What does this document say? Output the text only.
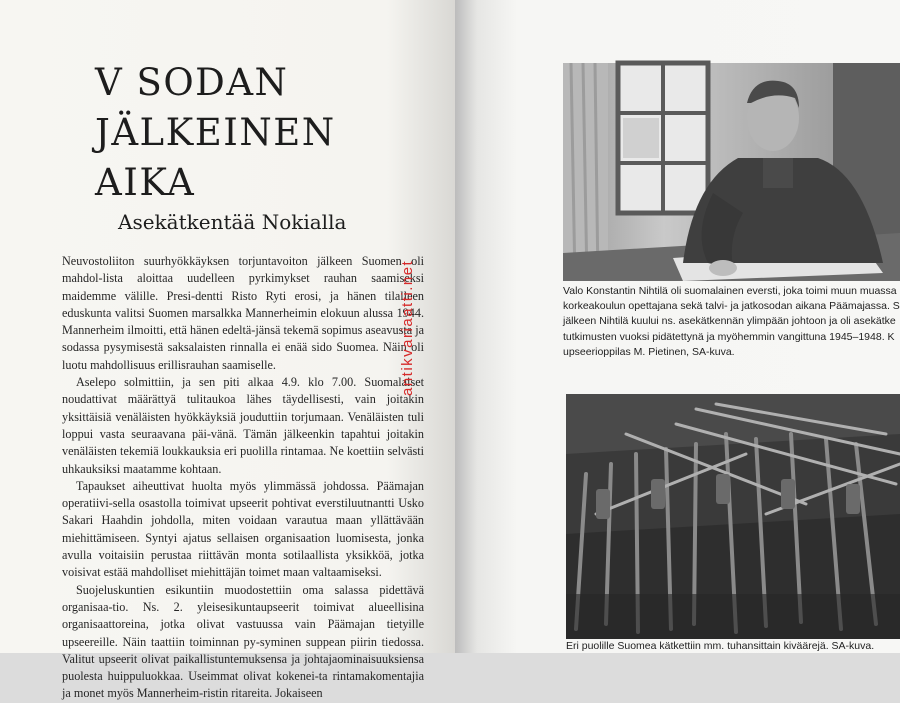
V SODAN
JÄLKEINEN AIKA
Asekätkentää Nokialla

Neuvostoliiton suurhyökkäyksen torjuntavoiton jälkeen Suomen oli mahdol-lista aloittaa uudelleen pyrkimykset rauhan saamiseksi maidemme välille. Presi-dentti Risto Ryti erosi, ja hänen tilalleen eduskunta valitsi Suomen marsalkka Mannerheimin elokuun alussa 1944. Mannerheim ilmoitti, että hänen edeltä-jänsä tekemä sopimus aseavusta ja sodassa pysymisestä saksalaisten rinnalla ei enää sido Suomea. Näin oli luotu mahdollisuus erillisrauhan saamiselle.

Aselepo solmittiin, ja sen piti alkaa 4.9. klo 7.00. Suomalaiset noudattivat määrättyä tulitaukoa lähes täydellisesti, vain joitakin yksittäisiä venäläisten hyökkäyksiä jouduttiin torjumaan. Venäläisten tuli loppui vasta seuraavana päi-vänä. Tämän jälkeenkin tapahtui joitakin venäläisten tekemiä loukkauksia eri puolilla rintamaa. Ne koettiin selvästi uhkauksiksi maatamme kohtaan.

Tapaukset aiheuttivat huolta myös ylimmässä johdossa. Päämajan operatiivi-sella osastolla toimivat upseerit pohtivat everstiluutnantti Usko Sakari Haahdin johdolla, miten voidaan varautua maan yllättävään miehittämiseen. Syntyi ajatus sellaisen organisaation luomisesta, jonka avulla voitaisiin perustaa riittävän monta sotilaallista yksikköä, jotka voisivat estää mahdolliset miehittäjän toimet maan valtaamiseksi.

Suojeluskuntien esikuntiin muodostettiin oma salassa pidettävä organisaa-tio. Ns. 2. yleisesikuntaupseerit toimivat alueellisina organisaattoreina, jotka olivat vastuussa vain Päämajan tietyille upseereille. Näin taattiin toiminnan py-syminen suppean piirin tiedossa. Valitut upseerit olivat paikallistuntemuksensa ja johtajaominaisuuksiensa puolesta huippuluokkaa. Useimmat olivat kokenei-ta rintamakomentajia ja monet myös Mannerheim-ristin ritareita. Jokaiseen

antikvariaatti.net	Valo Konstantin Nihtilä oli suomalainen eversti, joka toimi muun muassa
korkeakoulun opettajana sekä talvi- ja jatkosodan aikana Päämajassa. S
jälkeen Nihtilä kuului ns. asekätkennän ylimpään johtoon ja oli asekätke
tutkimusten vuoksi pidätettynä ja myöhemmin vangittuna 1945–1948. K
upseerioppilas M. Pietinen, SA-kuva.
Eri puolille Suomea kätkettiin mm. tuhansittain kiväärejä. SA-kuva.
